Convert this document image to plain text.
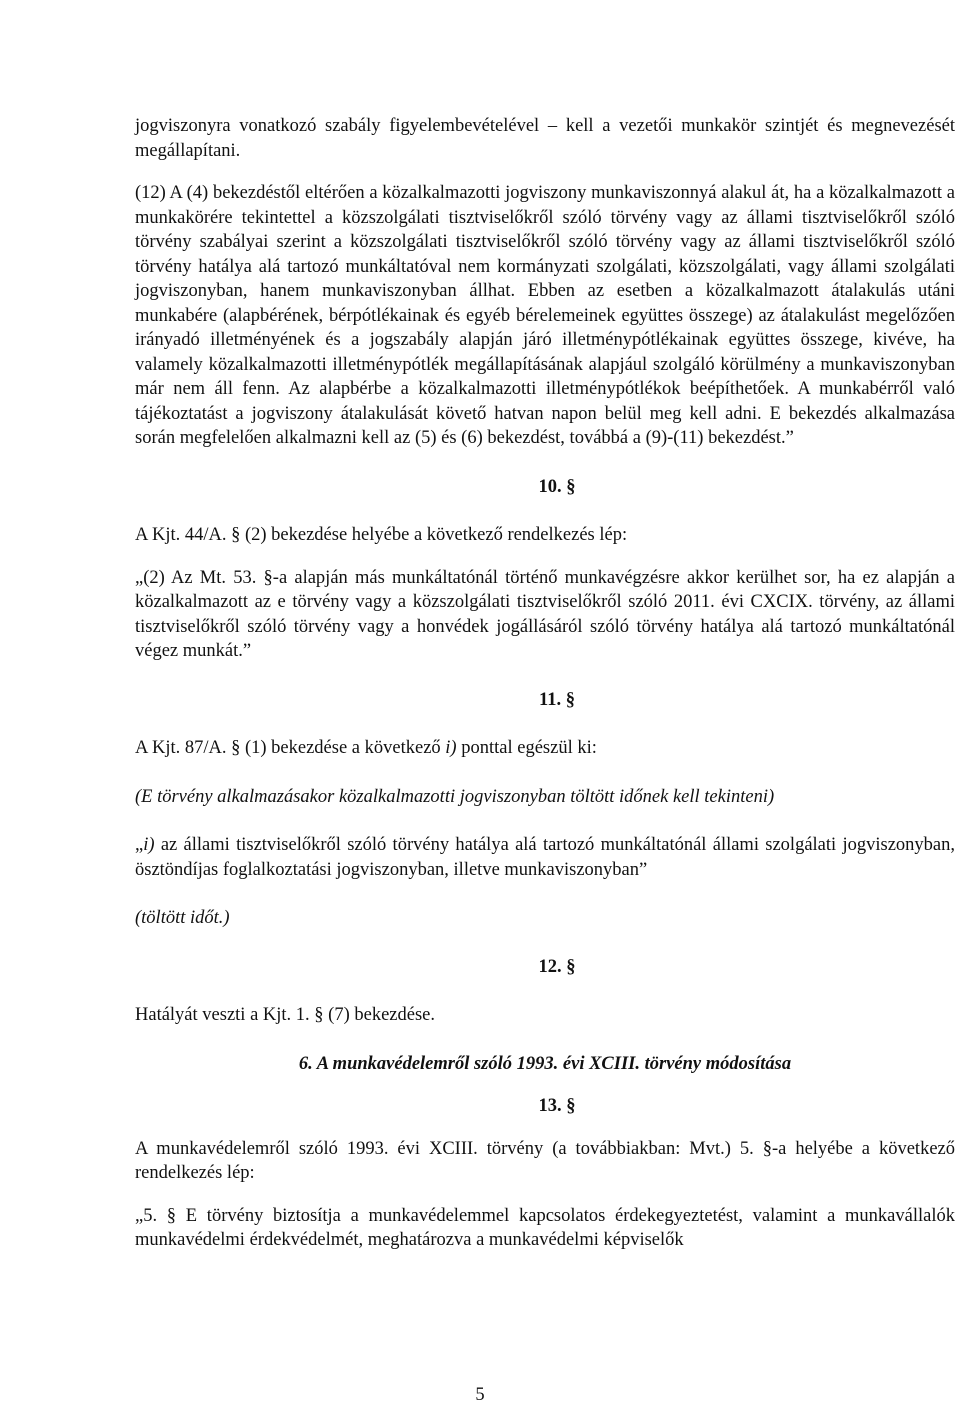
jogviszonyra vonatkozó szabály figyelembevételével – kell a vezetői munkakör szintjét és megnevezését megállapítani.

(12) A (4) bekezdéstől eltérően a közalkalmazotti jogviszony munkaviszonnyá alakul át, ha a közalkalmazott a munkakörére tekintettel a közszolgálati tisztviselőkről szóló törvény vagy az állami tisztviselőkről szóló törvény szabályai szerint a közszolgálati tisztviselőkről szóló törvény vagy az állami tisztviselőkről szóló törvény hatálya alá tartozó munkáltatóval nem kormányzati szolgálati, közszolgálati, vagy állami szolgálati jogviszonyban, hanem munkaviszonyban állhat. Ebben az esetben a közalkalmazott átalakulás utáni munkabére (alapbérének, bérpótlékainak és egyéb bérelemeinek együttes összege) az átalakulást megelőzően irányadó illetményének és a jogszabály alapján járó illetménypótlékainak együttes összege, kivéve, ha valamely közalkalmazotti illetménypótlék megállapításának alapjául szolgáló körülmény a munkaviszonyban már nem áll fenn. Az alapbérbe a közalkalmazotti illetménypótlékok beépíthetőek. A munkabérről való tájékoztatást a jogviszony átalakulását követő hatvan napon belül meg kell adni. E bekezdés alkalmazása során megfelelően alkalmazni kell az (5) és (6) bekezdést, továbbá a (9)-(11) bekezdést.”

10. §

A Kjt. 44/A. § (2) bekezdése helyébe a következő rendelkezés lép:

„(2) Az Mt. 53. §-a alapján más munkáltatónál történő munkavégzésre akkor kerülhet sor, ha ez alapján a közalkalmazott az e törvény vagy a közszolgálati tisztviselőkről szóló 2011. évi CXCIX. törvény, az állami tisztviselőkről szóló törvény vagy a honvédek jogállásáról szóló törvény hatálya alá tartozó munkáltatónál végez munkát.”

11. §

A Kjt. 87/A. § (1) bekezdése a következő i) ponttal egészül ki:

(E törvény alkalmazásakor közalkalmazotti jogviszonyban töltött időnek kell tekinteni)

„i) az állami tisztviselőkről szóló törvény hatálya alá tartozó munkáltatónál állami szolgálati jogviszonyban, ösztöndíjas foglalkoztatási jogviszonyban, illetve munkaviszonyban”

(töltött időt.)

12. §

Hatályát veszti a Kjt. 1. § (7) bekezdése.

6. A munkavédelemről szóló 1993. évi XCIII. törvény módosítása

13. §

A munkavédelemről szóló 1993. évi XCIII. törvény (a továbbiakban: Mvt.) 5. §-a helyébe a következő rendelkezés lép:

„5. § E törvény biztosítja a munkavédelemmel kapcsolatos érdekegyeztetést, valamint a munkavállalók munkavédelmi érdekvédelmét, meghatározva a munkavédelmi képviselők

5
